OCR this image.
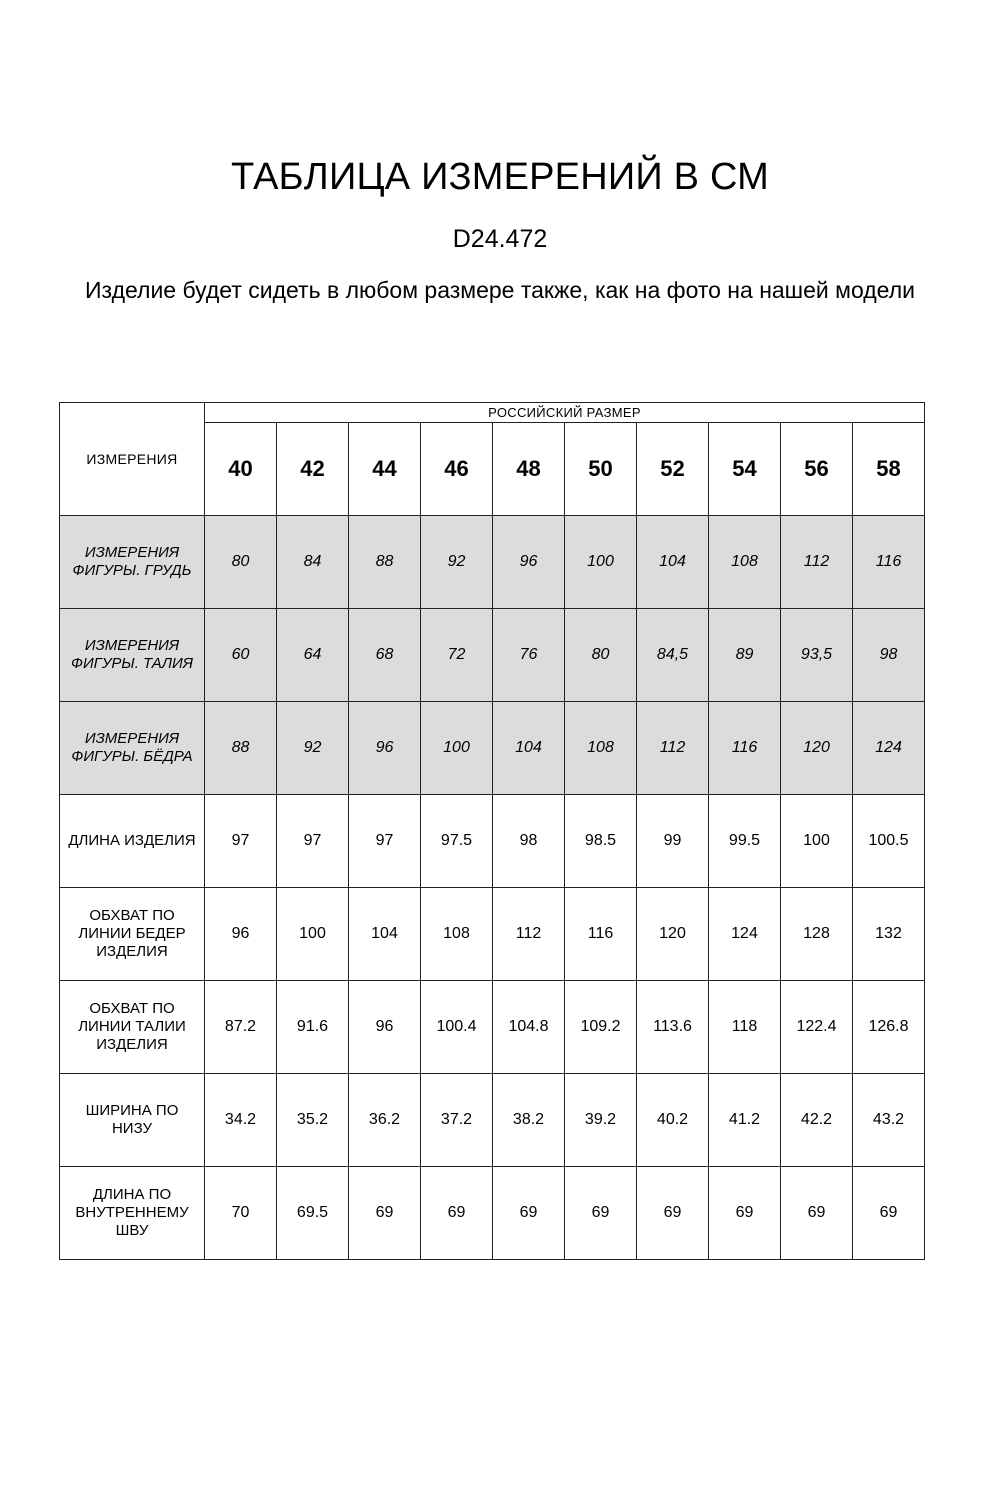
ТАБЛИЦА ИЗМЕРЕНИЙ В СМ
D24.472
Изделие будет сидеть в любом размере также, как на фото на нашей модели
ИЗМЕРЕНИЯ	РОССИЙСКИЙ РАЗМЕР									
	40	42	44	46	48	50	52	54	56	58
ИЗМЕРЕНИЯ ФИГУРЫ. ГРУДЬ	80	84	88	92	96	100	104	108	112	116
ИЗМЕРЕНИЯ ФИГУРЫ. ТАЛИЯ	60	64	68	72	76	80	84,5	89	93,5	98
ИЗМЕРЕНИЯ ФИГУРЫ. БЁДРА	88	92	96	100	104	108	112	116	120	124
ДЛИНА ИЗДЕЛИЯ	97	97	97	97.5	98	98.5	99	99.5	100	100.5
ОБХВАТ ПО ЛИНИИ БЕДЕР ИЗДЕЛИЯ	96	100	104	108	112	116	120	124	128	132
ОБХВАТ ПО ЛИНИИ ТАЛИИ ИЗДЕЛИЯ	87.2	91.6	96	100.4	104.8	109.2	113.6	118	122.4	126.8
ШИРИНА ПО НИЗУ	34.2	35.2	36.2	37.2	38.2	39.2	40.2	41.2	42.2	43.2
ДЛИНА ПО ВНУТРЕННЕМУ ШВУ	70	69.5	69	69	69	69	69	69	69	69
